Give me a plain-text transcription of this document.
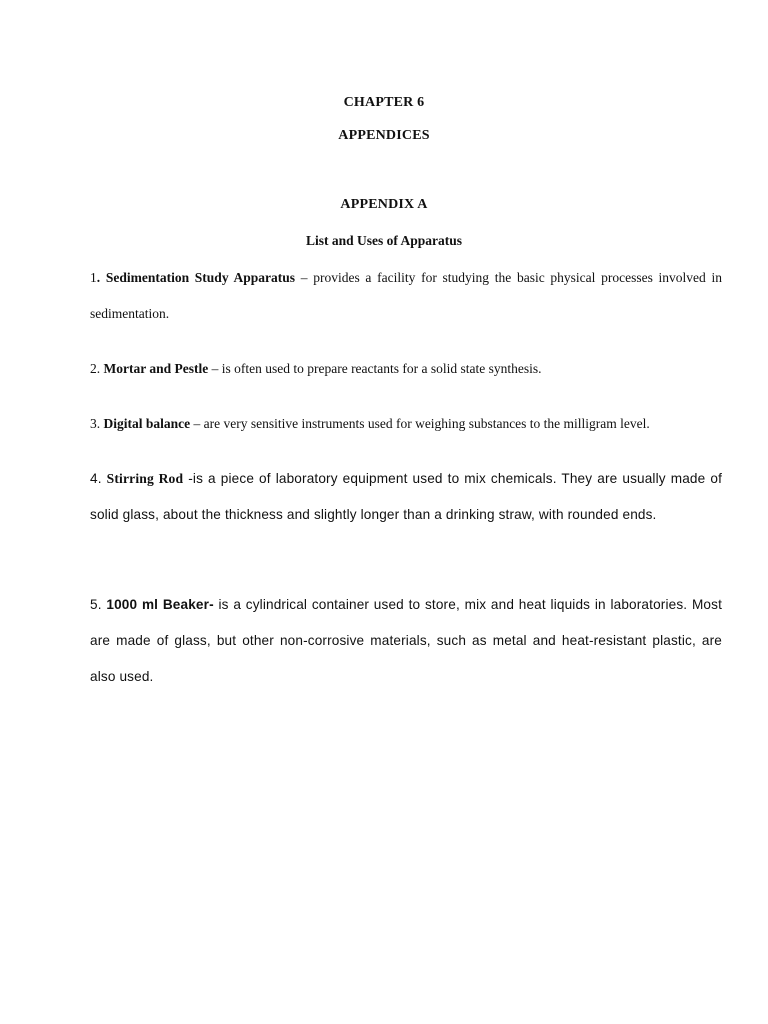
CHAPTER 6
APPENDICES
APPENDIX A
List and Uses of Apparatus

1. Sedimentation Study Apparatus – provides a facility for studying the basic physical processes involved in sedimentation.

2. Mortar and Pestle – is often used to prepare reactants for a solid state synthesis.

3. Digital balance – are very sensitive instruments used for weighing substances to the milligram level.

4. Stirring Rod -is a piece of laboratory equipment used to mix chemicals. They are usually made of solid glass, about the thickness and slightly longer than a drinking straw, with rounded ends.

5. 1000 ml Beaker- is a cylindrical container used to store, mix and heat liquids in laboratories. Most are made of glass, but other non-corrosive materials, such as metal and heat-resistant plastic, are also used.
